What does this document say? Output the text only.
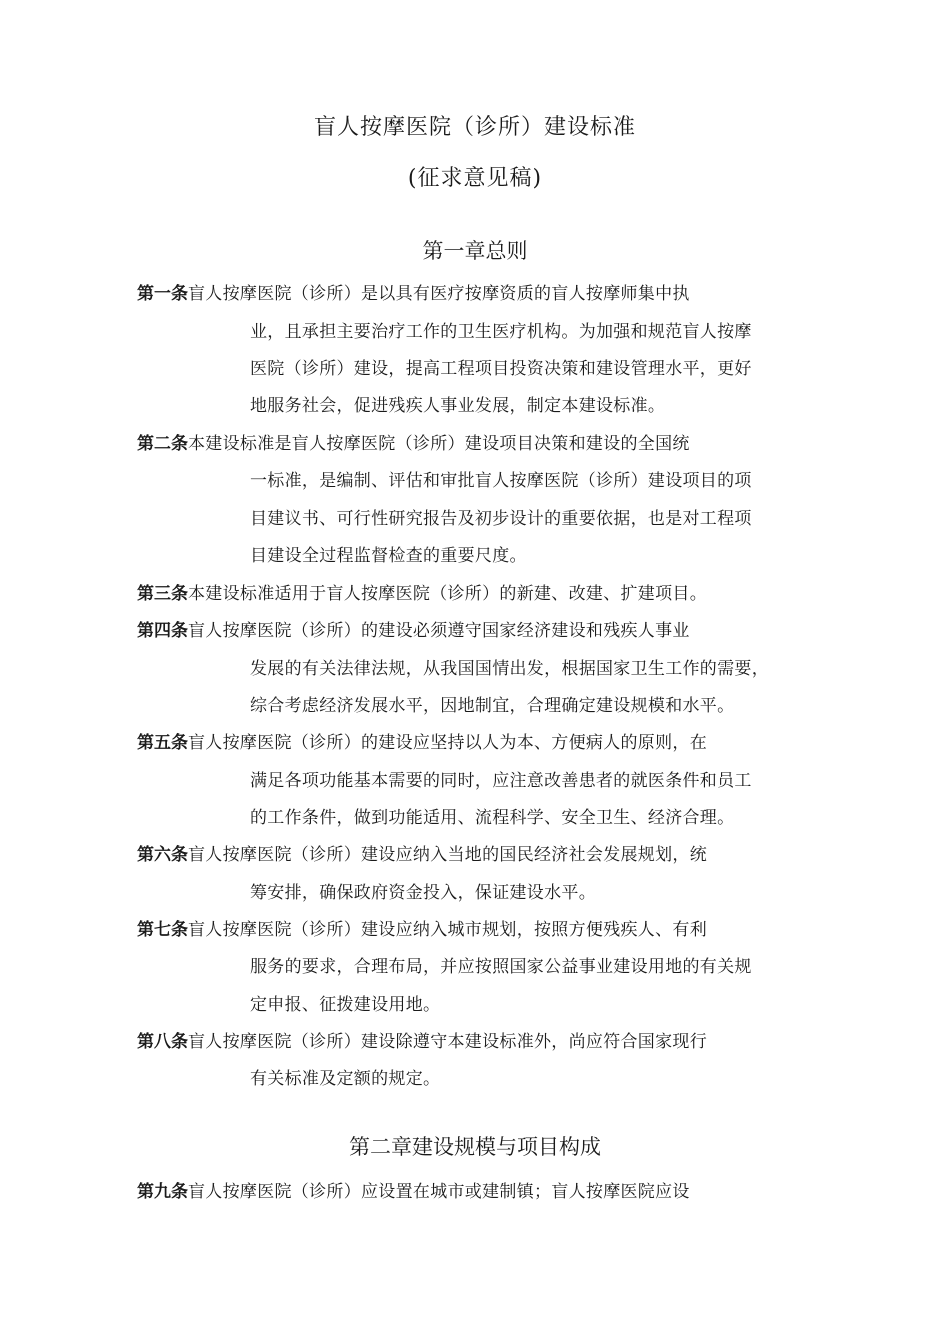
盲人按摩医院（诊所）建设标准
(征求意见稿)
第一章总则
第一条盲人按摩医院（诊所）是以具有医疗按摩资质的盲人按摩师集中执
业，且承担主要治疗工作的卫生医疗机构。为加强和规范盲人按摩
医院（诊所）建设，提高工程项目投资决策和建设管理水平，更好
地服务社会，促进残疾人事业发展，制定本建设标准。
第二条本建设标准是盲人按摩医院（诊所）建设项目决策和建设的全国统
一标准，是编制、评估和审批盲人按摩医院（诊所）建设项目的项
目建议书、可行性研究报告及初步设计的重要依据，也是对工程项
目建设全过程监督检查的重要尺度。
第三条本建设标准适用于盲人按摩医院（诊所）的新建、改建、扩建项目。
第四条盲人按摩医院（诊所）的建设必须遵守国家经济建设和残疾人事业
发展的有关法律法规，从我国国情出发，根据国家卫生工作的需要，
综合考虑经济发展水平，因地制宜，合理确定建设规模和水平。
第五条盲人按摩医院（诊所）的建设应坚持以人为本、方便病人的原则，在
满足各项功能基本需要的同时，应注意改善患者的就医条件和员工
的工作条件，做到功能适用、流程科学、安全卫生、经济合理。
第六条盲人按摩医院（诊所）建设应纳入当地的国民经济社会发展规划，统
筹安排，确保政府资金投入，保证建设水平。
第七条盲人按摩医院（诊所）建设应纳入城市规划，按照方便残疾人、有利
服务的要求，合理布局，并应按照国家公益事业建设用地的有关规
定申报、征拨建设用地。
第八条盲人按摩医院（诊所）建设除遵守本建设标准外，尚应符合国家现行
有关标准及定额的规定。
第二章建设规模与项目构成
第九条盲人按摩医院（诊所）应设置在城市或建制镇；盲人按摩医院应设
